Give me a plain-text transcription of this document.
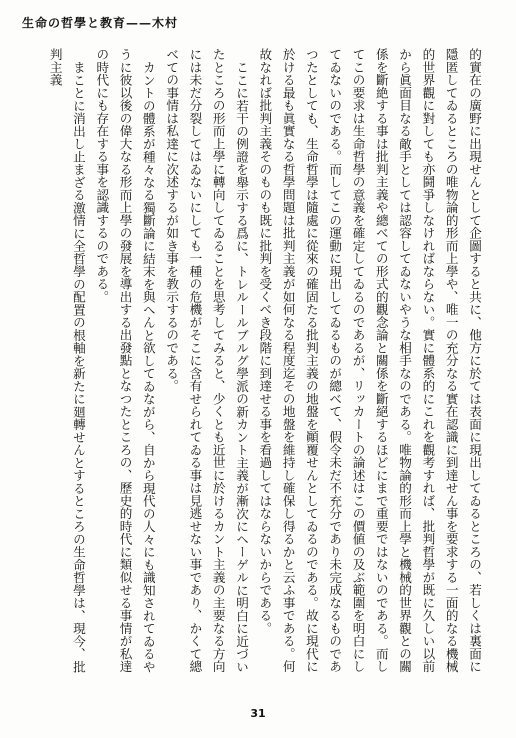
生命の哲學と教育——木村

的實在の廣野に出現せんとして企圖すると共に、他方に於ては表面に現出してゐるところの、若しくは裏面に隱匿してゐるところの唯物論的形而上學や、唯一の充分なる實在認識に到達せん事を要求する一面的なる機械的世界觀に對しても亦鬪爭しなければならない。實に體系的にこれを觀考すれば、批判哲學が既に久しい以前から眞面目なる敵手としては認容してゐないやうな相手なのである。唯物論的形而上學と機械的世界觀との關係を斷絶する事は批判主義や總べての形式的觀念論と關係を斷絕するほどにまで重要ではないのである。而してこの要求は生命哲學の意義を確定してゐるのであるが、リッカートの論述はこの價値の及ぶ範圍を明白にしてゐないのである。而してこの運動に現出してゐるものが總べて、假令未だ不充分であり未完成なるものであつたとしても、生命哲學は隨處に從來の確固たる批判主義の地盤を顚覆せんとしてゐるのである。故に現代に於ける最も眞實なる哲學問題は批判主義が如何なる程度迄その地盤を維持し確保し得るかと云ふ事である。何故なれば批判主義そのものも既に批判を受くべき段階に到達せる事を看過してはならないからである。

ここに若干の例證を舉示する爲に、トレルールブルグ學派の新カント主義が漸次にヘーゲルに明白に近づいたところの形而上學に轉向してゐることを思考してみると、少くとも近世に於けるカント主義の主要なる方向には未だ分裂してはゐないにしても一種の危機がそこに含有せられてゐる事は見逃せない事であり、かくて總べての事情は私達に次述するが如き事を教示するのである。

カントの體系が種々なる獨斷論に結末を與へんと欲してゐながら、自から現代の人々にも識知されてゐるやうに彼以後の偉大なる形而上學の發展を導出する出發點となつたところの、歷史的時代に類似せる事情が私達の時代にも存在する事を認識するのである。

まことに消出し止まざる激情に全哲學の配置の根軸を新たに廻轉せんとするところの生命哲學は、現今、批判主義

31
